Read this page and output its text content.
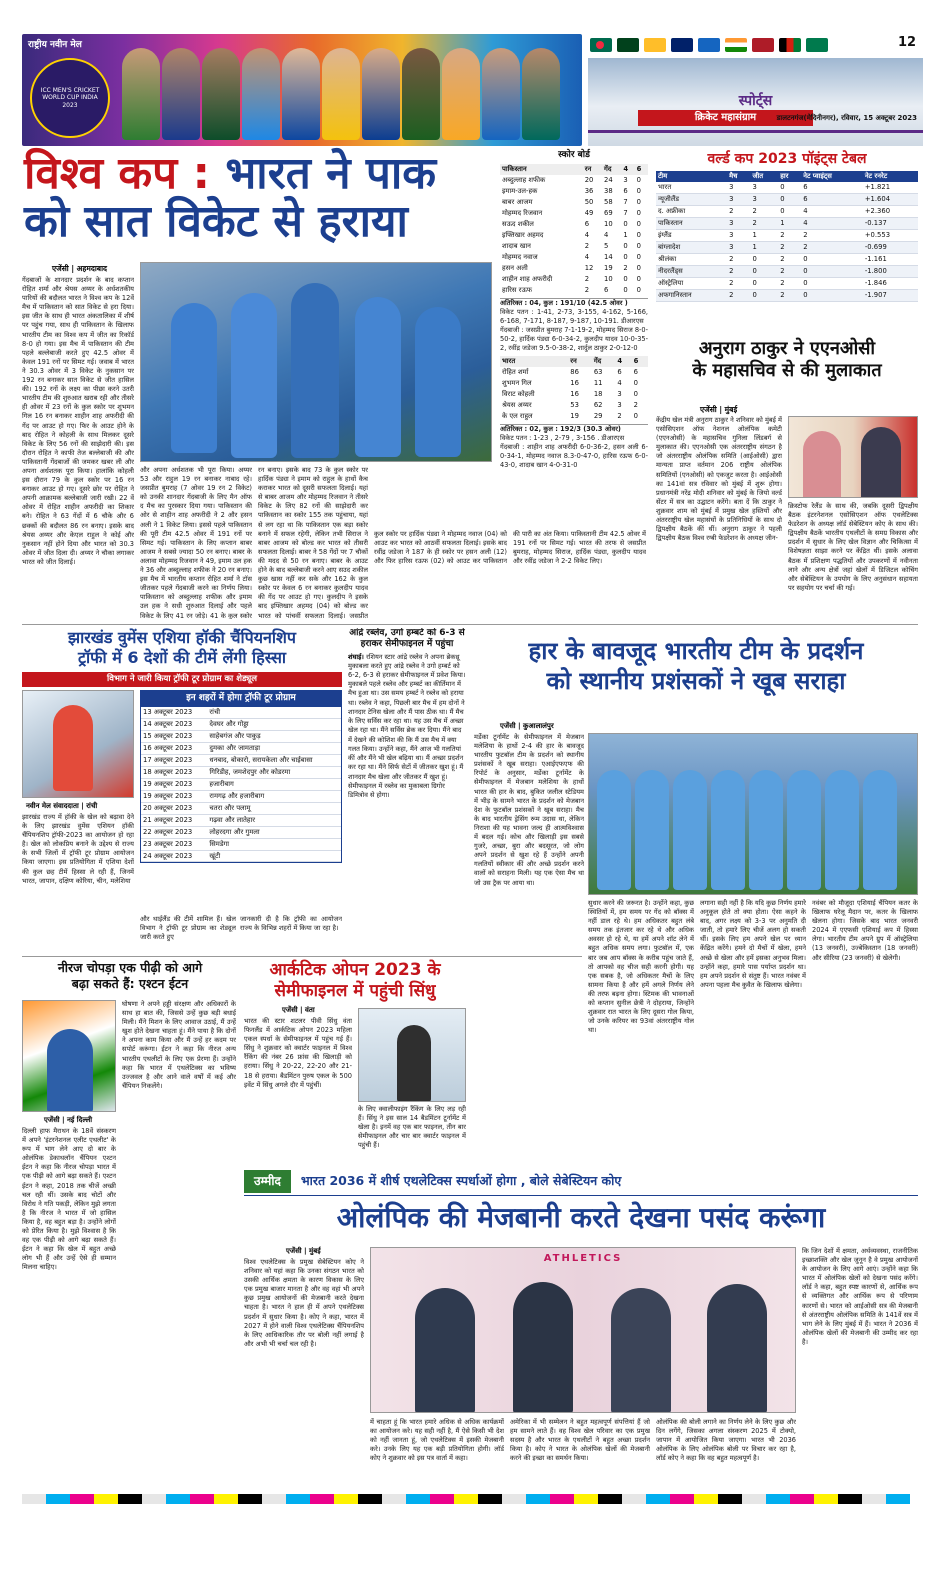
राष्ट्रीय नवीन मेल
ICC MEN'S CRICKET WORLD CUP INDIA 2023
12
स्पोर्ट्स
क्रिकेट महासंग्राम	डालटनगंज(मेदिनीनगर), रविवार, 15 अक्टूबर 2023
विश्व कप : भारत ने पाक
को सात विकेट से हराया
एजेंसी | अहमदाबाद
गेंदबाजों के शानदार प्रदर्शन के बाद कप्तान रोहित शर्मा और श्रेयस अय्यर के अर्धशतकीय पारियों की बदौलत भारत ने विश्व कप के 12वें मैच में पाकिस्तान को सात विकेट से हरा दिया। इस जीत के साथ ही भारत अंकतालिका में शीर्ष पर पहुंच गया, साथ ही पाकिस्तान के खिलाफ भारतीय टीम का विश्व कप में जीत का रिकॉर्ड 8-0 हो गया। इस मैच में पाकिस्तान की टीम पहले बल्लेबाजी करते हुए 42.5 ओवर में केवल 191 रनों पर सिमट गई। जवाब में भारत ने 30.3 ओवर में 3 विकेट के नुकसान पर 192 रन बनाकर सात विकेट से जीत हासिल की। 192 रनों के लक्ष्य का पीछा करने उतरी भारतीय टीम की शुरुआत खराब रही और तीसरे ही ओवर में 23 रनों के कुल स्कोर पर शुभमन गिल 16 रन बनाकर शाहीन शाह अफरीदी की गेंद पर आउट हो गए। फिर के आउट होने के बाद रोहित ने कोहली के साथ मिलकर दूसरे विकेट के लिए 56 रनों की साझेदारी की। इस दौरान रोहित ने काफी तेज बल्लेबाजी की और पाकिस्तानी गेंदबाजों की जमकर खबर ली और अपना अर्धशतक पूरा किया। हालांकि कोहली इस दौरान 79 के कुल स्कोर पर 16 रन बनाकर आउट हो गए। दूसरे छोर पर रोहित ने अपनी आक्रामक बल्लेबाजी जारी रखी। 22 वें ओवर में रोहित शाहीन अफरीदी का शिकार बने। रोहित ने 63 गेंदों में 6 चौके और 6 छक्कों की बदौलत 86 रन बनाए। इसके बाद श्रेयस अय्यर और केएल राहुल ने कोई और नुकसान नहीं होने दिया और भारत को 30.3 ओवर में जीत दिला दी। अय्यर ने चौका लगाकर भारत को जीत दिलाई।
और अपना अर्धशतक भी पूरा किया। अय्यर 53 और राहुल 19 रन बनाकर नाबाद रहे। जसप्रीत बुमराह (7 ओवर 19 रन 2 विकेट) को उनकी शानदार गेंदबाजी के लिए मैन ऑफ द मैच का पुरस्कार दिया गया। पाकिस्तान की ओर से शाहीन शाह अफरीदी ने 2 और हसन अली ने 1 विकेट लिया। इससे पहले पाकिस्तान की पूरी टीम 42.5 ओवर में 191 रनों पर सिमट गई। पाकिस्तान के लिए कप्तान बाबर आजम ने सबसे ज्यादा 50 रन बनाए। बाबर के अलावा मोहम्मद रिजवान ने 49, इमाम उल हक ने 36 और अब्दुल्लाह शफीक ने 20 रन बनाए। इस मैच में भारतीय कप्तान रोहित शर्मा ने टॉस जीतकर पहले गेंदबाजी करने का निर्णय लिया। पाकिस्तान को अब्दुल्लाह शफीक और इमाम उल हक ने सधी शुरुआत दिलाई और पहले विकेट के लिए 41 रन जोड़े। 41 के कुल स्कोर
रन बनाए। इसके बाद 73 के कुल स्कोर पर हार्दिक पंड्या ने इमाम को राहुल के हाथों कैच कराकर भारत को दूसरी सफलता दिलाई। यहां से बाबर आजम और मोहम्मद रिजवान ने तीसरे विकेट के लिए 82 रनों की साझेदारी कर पाकिस्तान का स्कोर 155 तक पहुंचाया, यहां से लग रहा था कि पाकिस्तान एक बड़ा स्कोर बनाने में सफल रहेगी, लेकिन तभी सिराज ने बाबर आजम को बोल्ड कर भारत को तीसरी सफलता दिलाई। बाबर ने 58 गेंदों पर 7 चौकों की मदद से 50 रन बनाए। बाबर के आउट होने के बाद बल्लेबाजी करने आए सउद शकील कुछ खास नहीं कर सके और 162 के कुल स्कोर पर केवल 6 रन बनाकर कुलदीप यादव की गेंद पर आउट हो गए। कुलदीप ने इसके बाद इफ्तिखार अहमद (04) को बोल्ड कर भारत को पांचवीं सफलता दिलाई। जसप्रीत
स्कोर बोर्ड
पाकिस्तान	रन	गेंद	4	6
अब्दुल्लाह शफीक	20	24	3	0
इमाम-उल-हक	36	38	6	0
बाबर आजम	50	58	7	0
मोहम्मद रिजवान	49	69	7	0
सऊद शकील	6	10	0	0
इफ्तिखार अहमद	4	4	1	0
शादाब खान	2	5	0	0
मोहम्मद नवाज	4	14	0	0
हसन अली	12	19	2	0
शाहीन शाह अफरीदी	2	10	0	0
हारिस रऊफ	2	6	0	0
अतिरिक्त : 04, कुल : 191/10 (42.5 ओवर )
विकेट पतन : 1-41, 2-73, 3-155, 4-162, 5-166, 6-168, 7-171, 8-187, 9-187, 10-191. डीआरएस
गेंदबाजी : जसप्रीत बुमराह 7-1-19-2, मोहम्मद सिराज 8-0-50-2, हार्दिक पंड्या 6-0-34-2, कुलदीप यादव 10-0-35-2, रवींद्र जडेजा 9.5-0-38-2, शार्दुल ठाकुर 2-0-12-0
भारत	रन	गेंद	4	6
रोहित शर्मा	86	63	6	6
शुभमन गिल	16	11	4	0
विराट कोहली	16	18	3	0
श्रेयस अय्यर	53	62	3	2
के एल राहुल	19	29	2	0
अतिरिक्त : 02, कुल : 192/3 (30.3 ओवर)
विकेट पतन : 1-23 , 2-79 , 3-156 . डीआरएस
गेंदबाजी : शाहीन शाह अफरीदी 6-0-36-2, हसन अली 6-0-34-1, मोहम्मद नवाज 8.3-0-47-0, हारिस रऊफ 6-0-43-0, शादाब खान 4-0-31-0
कुल स्कोर पर हार्दिक पंड्या ने मोहम्मद नवाज (04) को आउट कर भारत को आठवीं सफलता दिलाई। इसके बाद रवींद्र जडेजा ने 187 के ही स्कोर पर हसन अली (12) और फिर हारिस रऊफ (02) को आउट कर पाकिस्तान की पारी का अंत किया। पाकिस्तानी टीम 42.5 ओवर में 191 रनों पर सिमट गई। भारत की तरफ से जसप्रीत बुमराह, मोहम्मद सिराज, हार्दिक पंड्या, कुलदीप यादव और रवींद्र जडेजा ने 2-2 विकेट लिए।
वर्ल्ड कप 2023 पॉइंट्स टेबल
टीम	मैच	जीत	हार	नेट प्वाइंट्स	नेट रनरेट
भारत	3	3	0	6	+1.821
न्यूजीलैंड	3	3	0	6	+1.604
द. अफ्रीका	2	2	0	4	+2.360
पाकिस्तान	3	2	1	4	-0.137
इंग्लैंड	3	1	2	2	+0.553
बांग्लादेश	3	1	2	2	-0.699
श्रीलंका	2	0	2	0	-1.161
नीदरलैंड्स	2	0	2	0	-1.800
ऑस्ट्रेलिया	2	0	2	0	-1.846
अफगानिस्तान	2	0	2	0	-1.907
अनुराग ठाकुर ने एएनओसी
के महासचिव से की मुलाकात
एजेंसी | मुंबई
केंद्रीय खेल मंत्री अनुराग ठाकुर ने शनिवार को मुंबई में एसोसिएशन ऑफ नेशनल ओलंपिक कमेटी (एएनओसी) के महासचिव गुनिला लिंडबर्ग से मुलाकात की। एएनओसी एक अंतरराष्ट्रीय संगठन है जो अंतरराष्ट्रीय ओलंपिक समिति (आईओसी) द्वारा मान्यता प्राप्त वर्तमान 206 राष्ट्रीय ओलंपिक समितियों (एनओसी) को एकजुट करता है। आईओसी का 141वां सत्र रविवार को मुंबई में शुरू होगा। प्रधानमंत्री नरेंद्र मोदी शनिवार को मुंबई के जियो वर्ल्ड सेंटर में सत्र का उद्घाटन करेंगे। बता दें कि ठाकुर ने शुक्रवार शाम को मुंबई में प्रमुख खेल हस्तियों और अंतरराष्ट्रीय खेल महासंघों के प्रतिनिधियों के साथ दो द्विपक्षीय बैठकें कीं थीं। अनुराग ठाकुर ने पहली द्विपक्षीय बैठक विश्व रग्बी फेडरेशन के अध्यक्ष जीन-
क्रिस्टोफ रेलैंड के साथ की, जबकि दूसरी द्विपक्षीय बैठक इंटरनेशनल एसोसिएशन ऑफ एथलेटिक्स फेडरेशन के अध्यक्ष लॉर्ड सेबेस्टियन कोए के साथ की। द्विपक्षीय बैठकें भारतीय एथलीटों के समग्र विकास और प्रदर्शन में सुधार के लिए खेल विज्ञान और चिकित्सा में विशेषज्ञता साझा करने पर केंद्रित थीं। इसके अलावा बैठक में प्रशिक्षण पद्धतियों और उपकरणों में नवीनता लाने और अन्य क्षेत्रों जहां खेलों में डिजिटल कोचिंग और सेबेस्टियन के उपयोग के लिए अनुसंधान सहायता पर सहयोग पर चर्चा की गई।
झारखंड वुमेंस एशिया हॉकी चैंपियनशिप
ट्रॉफी में 6 देशों की टीमें लेंगी हिस्सा
विभाग ने जारी किया ट्रॉफी टूर प्रोग्राम का शेड्यूल
इन शहरों में होगा ट्रॉफी टूर प्रोग्राम
13 अक्टूबर 2023	रांची
14 अक्टूबर 2023	देवघर और गोड्डा
15 अक्टूबर 2023	साहेबगंज और पाकुड़
16 अक्टूबर 2023	दुमका और जामताड़ा
17 अक्टूबर 2023	धनबाद, बोकारो, सरायकेला और चाईबासा
18 अक्टूबर 2023	गिरिडीह, जमशेदपुर और कोडरमा
19 अक्टूबर 2023	हजारीबाग
19 अक्टूबर 2023	रामगढ़ और हजारीबाग
20 अक्टूबर 2023	चतरा और पलामू
21 अक्टूबर 2023	गढ़वा और लातेहार
22 अक्टूबर 2023	लोहरदगा और गुमला
23 अक्टूबर 2023	सिमडेगा
24 अक्टूबर 2023	खूंटी
नवीन मेल संवाददाता | रांची
झारखंड राज्य में हॉकी के खेल को बढ़ावा देने के लिए झारखंड वुमेंस एशियन हॉकी चैंपियनशिप ट्रॉफी-2023 का आयोजन हो रहा है। खेल को लोकप्रिय बनाने के उद्देश्य से राज्य के सभी जिलों में ट्रॉफी टूर प्रोग्राम आयोजन किया जाएगा। इस प्रतियोगिता में एशिया देशों की कुल छह टीमें हिस्सा ले रही हैं, जिनमें भारत, जापान, दक्षिण कोरिया, चीन, मलेशिया
और थाईलैंड की टीमें शामिल हैं। खेल विभाग ने ट्रॉफी टूर प्रोग्राम का शेड्यूल जारी करते हुए
जानकारी दी है कि ट्रॉफी का आयोजन राज्य के विभिन्न शहरों में किया जा रहा है।
आंद्रे रब्लेव, उगो हम्बर्ट को 6-3 से हराकर सेमीफाइनल में पहुंचा
शंघाई। रशियन स्टार आंद्रे रब्लेव ने अपना ब्रेकथ्रू मुकाबला करते हुए आंद्रे रब्लेव ने उगो हम्बर्ट को 6-2, 6-3 से हराकर सेमीफाइनल में प्रवेश किया। मुकाबले पहले रब्लेव और हम्बर्ट का कीर्तिमान में मैच हुआ था। उस समय हम्बर्ट ने रब्लेव को हराया था। रब्लेव ने कहा, पिछली बार मैच में हम दोनों ने शानदार टेनिस खेला और मैं पास ठीक था। मैं मैच के लिए सर्विस कर रहा था। यह उस मैच में अच्छा खेल रहा था। मैंने सर्विस ब्रेक कर दिया। मैंने बाद में देखने की कोशिश की कि मैं उस मैच में क्या गलत किया। उन्होंने कहा, मैंने आज भी गलतियां कीं और मैंने भी खेल बढ़िया था। मैं अच्छा प्रदर्शन कर रहा था। मैंने सिर्फ सेटों में जीतकर खुश हूं। मैं शानदार मैच खेला और जीतकर मैं खुश हूं। सेमीफाइनल में रब्लेव का मुकाबला ग्रिगोर डिमित्रोव से होगा।
हार के बावजूद भारतीय टीम के प्रदर्शन
को स्थानीय प्रशंसकों ने खूब सराहा
एजेंसी | कुआलालंपुर
मर्डेका टूर्नामेंट के सेमीफाइनल में मेजबान मलेशिया के हाथों 2-4 की हार के बावजूद भारतीय फुटबॉल टीम के प्रदर्शन को स्थानीय प्रशंसकों ने खूब सराहा। एआईएफएफ की रिपोर्ट के अनुसार, मर्डेका टूर्नामेंट के सेमीफाइनल में मेजबान मलेशिया के हाथों भारत की हार के बाद, बुकित जलील स्टेडियम में भीड़ के सामने भारत के प्रदर्शन को मेजबान देश के फुटबॉल प्रशंसकों ने खूब सराहा। मैच के बाद भारतीय ड्रेसिंग रूम उदास था, लेकिन निराशा की यह भावना जल्द ही आत्मविश्वास में बदल गई। कोच और खिलाड़ी इस सबसे गुजरे, अच्छा, बुरा और बदसूरत, जो लोग अपने प्रदर्शन से खुश रहे हैं उन्होंने अपनी गलतियों स्वीकार कीं और अच्छे प्रदर्शन करने वालों को सराहना मिली। यह एक ऐसा मैच था जो उस ट्रैक पर आया था।
सुधार करने की जरूरत है। उन्होंने कहा, कुछ स्थितियों में, हम समय पर गेंद को बॉक्स में नहीं डाल रहे थे। हम अधिकतर बहुत लंबे समय तक इंतजार कर रहे थे और अधिक अवसर हो रहे थे, या हमें अपने शॉट लेने में बहुत अधिक समय लगा। फुटबॉल में, एक बार जब आप बॉक्स के करीब पहुंच जाते हैं, तो आपको वह चीज सही करनी होगी। यह एक सबक है, जो अधिकतर मैचों के लिए सामना किया है और हमें अगले निर्णय लेने की तरफ बढ़ना होगा। स्टिमक की भावनाओं को कप्तान सुनील छेत्री ने दोहराया, जिन्होंने शुक्रवार रात भारत के लिए दूसरा गोल किया, जो उनके करियर का 93वां अंतरराष्ट्रीय गोल था।
लगाना सही नहीं है कि यदि कुछ निर्णय हमारे अनुकूल होते तो क्या होता। ऐसा कहने के बाद, अगर लक्ष्य को 3-3 पर अनुमति दी जाती, तो हमारे लिए चीजें अलग हो सकती थीं। इसके लिए हम अपने खेल पर ध्यान केंद्रित करेंगे। हमने दो मैचों में खेला, हमने अच्छे से खेला और हमें इसका अनुभव मिला। उन्होंने कहा, हमारे पास पर्याप्त प्रदर्शन था। हम अपने प्रदर्शन से संतुष्ट हैं। भारत नवंबर में अपना पहला मैच कुवैत के खिलाफ खेलेगा।
नवंबर को मौजूदा एशियाई चैंपियन कतर के खिलाफ घरेलू मैदान पर, कतर के खिलाफ खेलना होगा। जिसके बाद भारत जनवरी 2024 में एएफसी एशियाई कप में हिस्सा लेगा। भारतीय टीम अपने ग्रुप में ऑस्ट्रेलिया (13 जनवरी), उज्बेकिस्तान (18 जनवरी) और सीरिया (23 जनवरी) से खेलेगी।
नीरज चोपड़ा एक पीढ़ी को आगे
बढ़ा सकते हैं: एश्टन ईटन
एजेंसी | नई दिल्ली
दिल्ली हाफ मैराथन के 18वें संस्करण में अपने 'इंटरनेशनल एलीट एथलीट' के रूप में भाग लेने आए दो बार के ओलंपिक डेकाथलॉन चैंपियन एश्टन ईटन ने कहा कि नीरज चोपड़ा भारत में एक पीढ़ी को आगे बढ़ा सकते हैं। एश्टन ईटन ने कहा, 2018 तक चीजें अच्छी चल रही थीं। उसके बाद चोटों और विरोध ने गति पकड़ी, लेकिन मुझे लगता है कि नीरज ने भारत में जो हासिल किया है, वह बहुत बड़ा है। उन्होंने लोगों को प्रेरित किया है। मुझे विश्वास है कि वह एक पीढ़ी को आगे बढ़ा सकते हैं। ईटन ने कहा कि खेल में बहुत अच्छे लोग भी हैं और उन्हें ऐसे ही सम्मान मिलना चाहिए।
घोषणा ने अपने हड्डी संरक्षण और अधिकारों के साथ हा बात की, जिससे उन्हें कुछ बड़ी बधाई मिली। मैंने मिशन के लिए आवाज उठाई, मैं उन्हें खुश होते देखना चाहता हूं। मैंने पाया है कि दोनों ने अपना काम किया और मैं उन्हें हर कदम पर सपोर्ट करूंगा। ईटन ने कहा कि नीरज अन्य भारतीय एथलीटों के लिए एक प्रेरणा हैं। उन्होंने कहा कि भारत में एथलेटिक्स का भविष्य उज्जवल है और आने वाले वर्षों में कई और चैंपियन निकलेंगे।
आर्कटिक ओपन 2023 के
सेमीफाइनल में पहुंची सिंधु
एजेंसी | वंता
भारत की स्टार शटलर पीवी सिंधु वंता फिनलैंड में आर्कटिक ओपन 2023 महिला एकल स्पर्धा के सेमीफाइनल में पहुंच गई हैं। सिंधु ने शुक्रवार को क्वार्टर फाइनल में विश्व रैंकिंग की नंबर 26 फ्रांस की खिलाड़ी को हराया। सिंधु ने 20-22, 22-20 और 21-18 से हराया। बैडमिंटन पुरुष एकल के 500 इवेंट में सिंधु अगले दौर में पहुंचीं।
के लिए क्वालीफाइंग रैंकिंग के लिए लड़ रही हैं। सिंधु ने इस साल 14 बैडमिंटन टूर्नामेंट में खेला है। इनमें वह एक बार फाइनल, तीन बार सेमीफाइनल और चार बार क्वार्टर फाइनल में पहुंची हैं।
उम्मीद	भारत 2036 में शीर्ष एथलेटिक्स स्पर्धाओं होगा , बोले सेबेस्टियन कोए
ओलंपिक की मेजबानी करते देखना पसंद करूंगा
एजेंसी | मुंबई
विश्व एथलेटिक्स के प्रमुख सेबेस्टियन कोए ने शनिवार को यहां कहा कि उनका संगठन भारत को उसकी आर्थिक क्षमता के कारण विकास के लिए एक प्रमुख बाजार मानता है और वह वहां भी अपने कुछ प्रमुख आयोजनों की मेजबानी करते देखना चाहता है। भारत ने हाल ही में अपने एथलेटिक्स प्रदर्शन में सुधार किया है। कोए ने कहा, भारत में 2027 में होने वाली विश्व एथलेटिक्स चैंपियनशिप के लिए आधिकारिक तौर पर बोली नहीं लगाई है और अभी भी चर्चा चल रही है।
ATHLETICS
कि जिन देशों में क्षमता, अर्थव्यवस्था, राजनीतिक इच्छाशक्ति और खेल जुनून है वे प्रमुख आयोजनों के आयोजन के लिए आगे आएं। उन्होंने कहा कि भारत में ओलंपिक खेलों को देखना पसंद करेंगे। लॉर्ड ने कहा, बहुत स्पष्ट कारणों से, आर्थिक रूप से व्यक्तिगत और आर्थिक रूप से परिणाम कारणों से। भारत को आईओसी सत्र की मेजबानी से अंतरराष्ट्रीय ओलंपिक समिति के 141वें सत्र में भाग लेने के लिए मुंबई में हैं। भारत ने 2036 में ओलंपिक खेलों की मेजबानी की उम्मीद कर रहा है।
में चाहता हूं कि भारत हमारे अधिक से अधिक कार्यक्रमों का आयोजन करे। यह सही नहीं है, मैं ऐसे किसी भी देश को नहीं जानता हूं, जो एथलेटिक्स में इसकी मेजबानी करे। उनके लिए यह एक बड़ी प्रतियोगिता होगी। लॉर्ड कोए ने शुक्रवार को इस पत्र वार्ता में कहा।
अमेरिका में भी सम्मेलन ने बहुत महत्वपूर्ण संपत्तियां हैं जो हम सामने लाते हैं। वह विश्व खेल परिवार का एक प्रमुख सदस्य है और भारत के एथलीटों ने बहुत अच्छा प्रदर्शन किया है। कोए ने भारत के ओलंपिक खेलों की मेजबानी करने की इच्छा का समर्थन किया।
ओलंपिक की बोली लगाने का निर्णय लेने के लिए कुछ और दिन लगेंगे, जिसका अगला संस्करण 2025 में टोक्यो, जापान में आयोजित किया जाएगा। भारत भी 2036 ओलंपिक के लिए ओलंपिक बोली पर विचार कर रहा है, लॉर्ड कोए ने कहा कि वह बहुत महत्वपूर्ण है।
